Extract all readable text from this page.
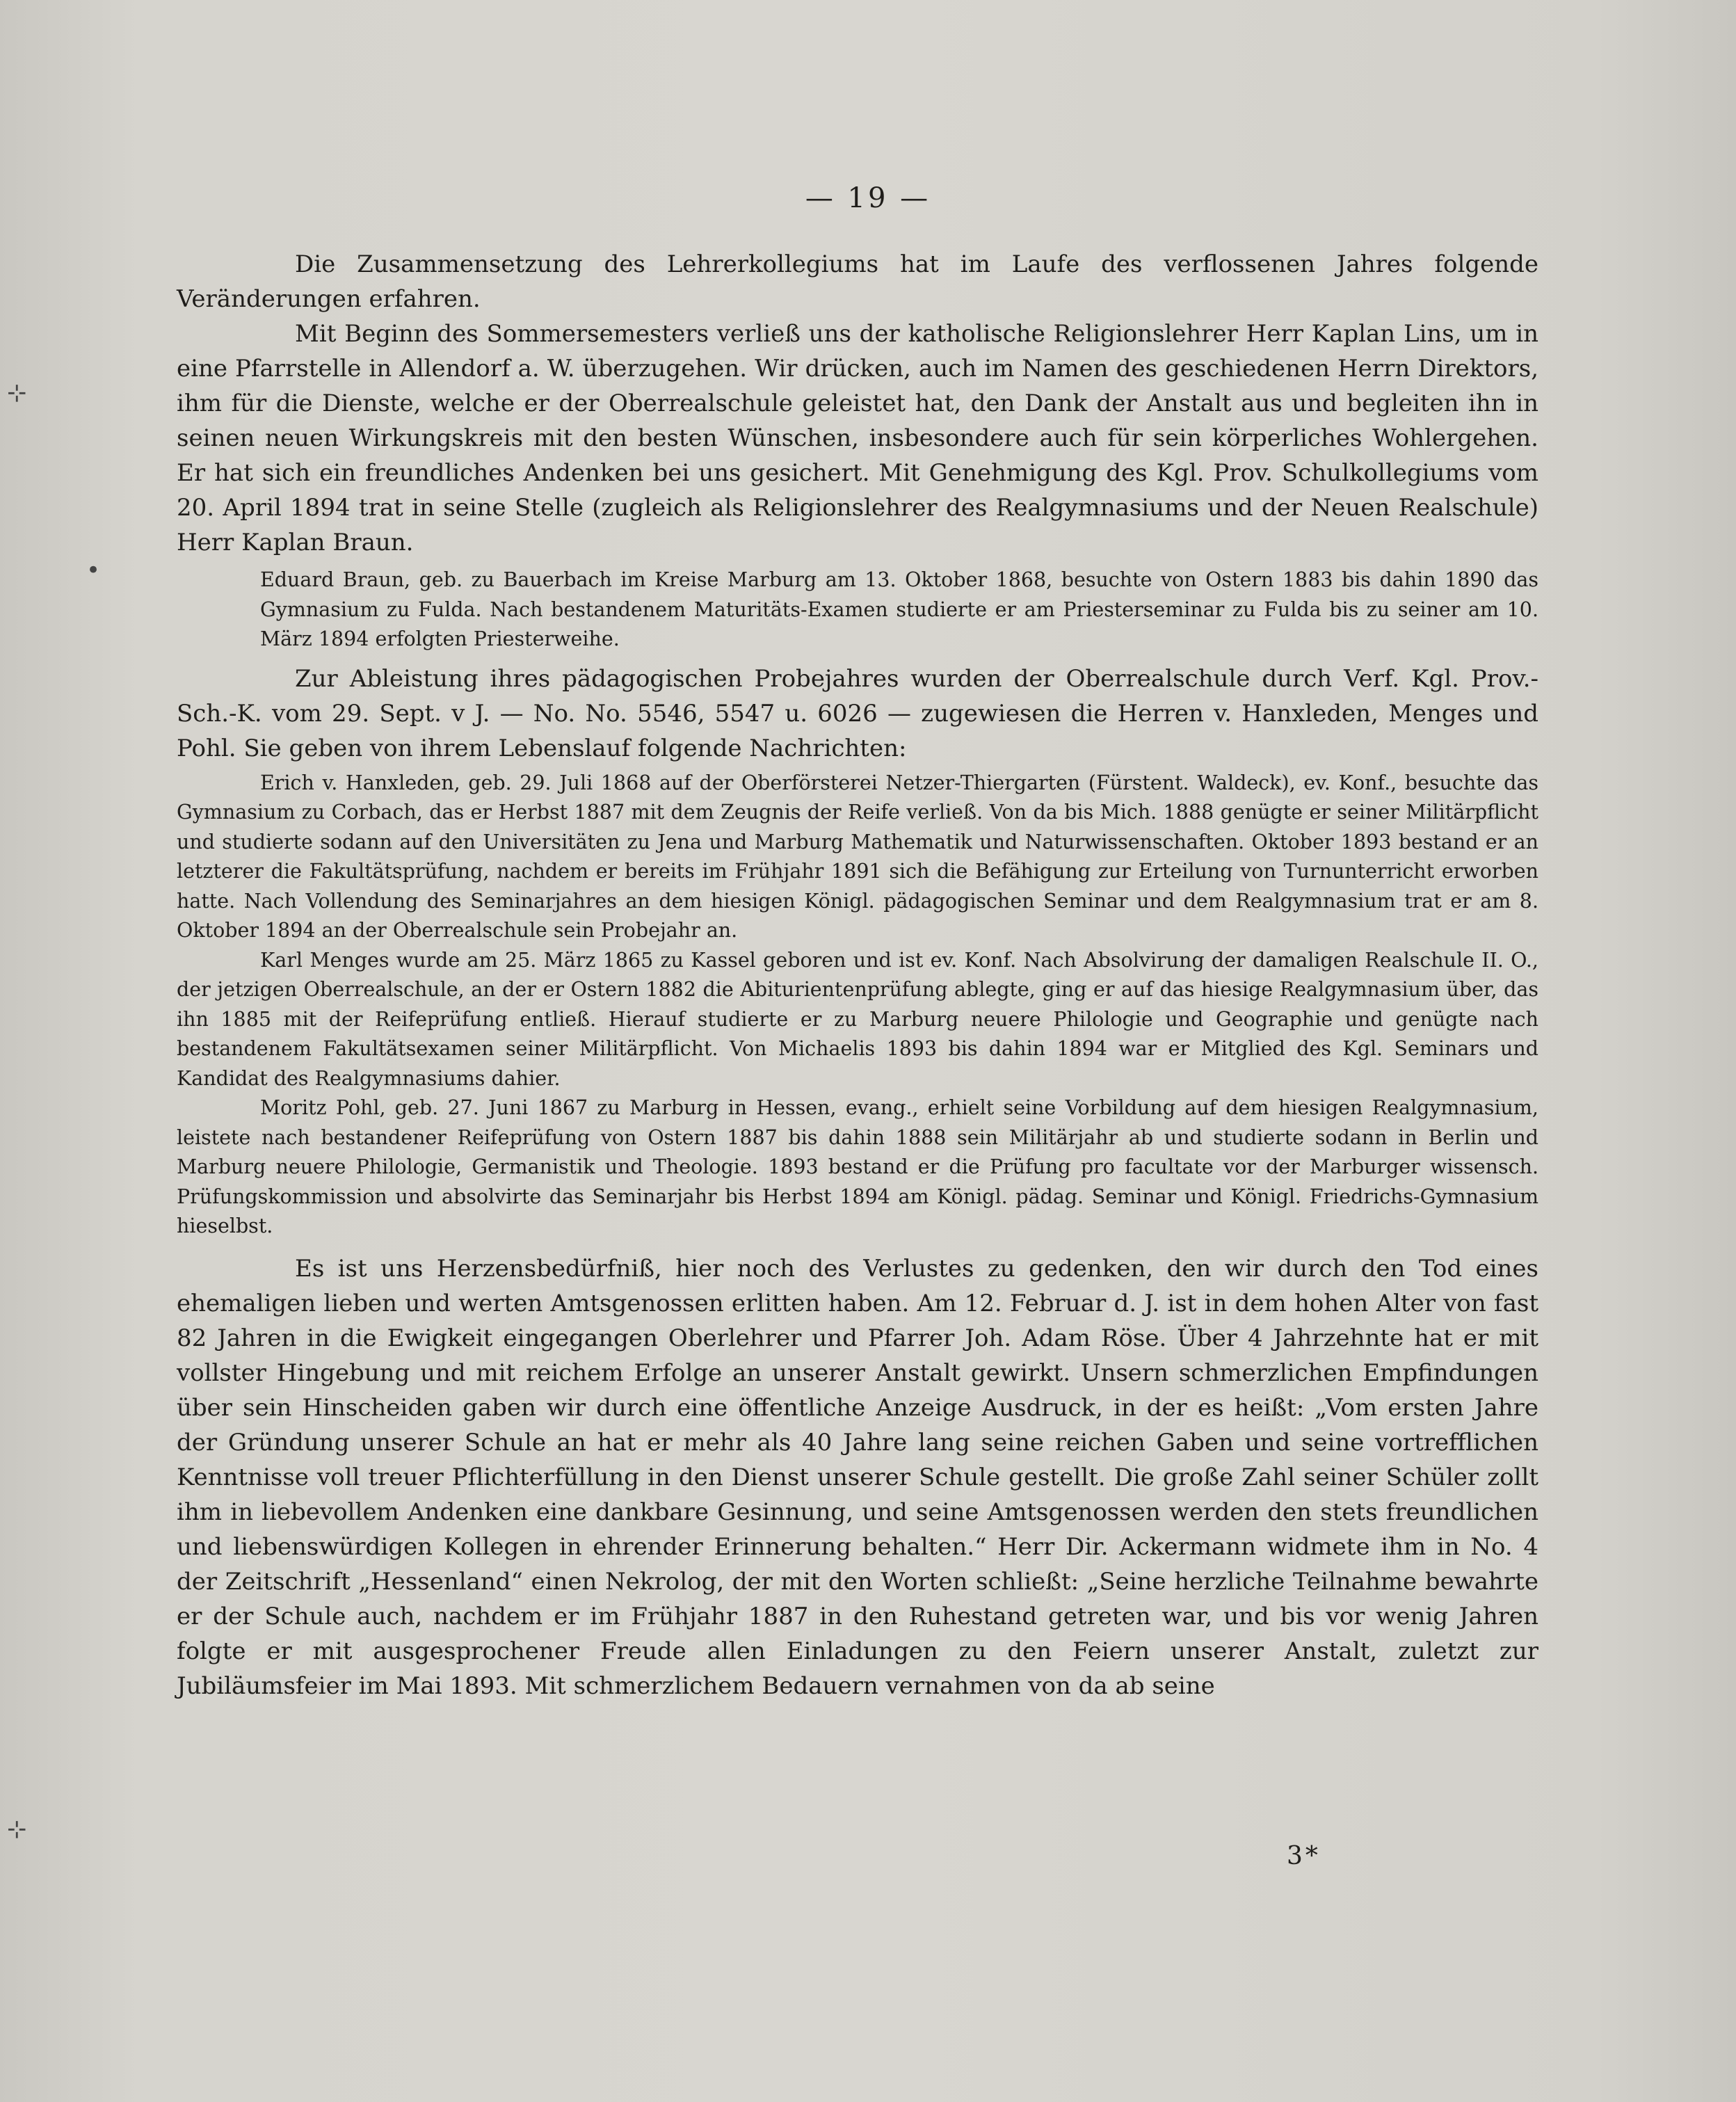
— 19 —
⊹
•
⊹

Die Zusammensetzung des Lehrerkollegiums hat im Laufe des verflossenen Jahres folgende Veränderungen erfahren.

Mit Beginn des Sommersemesters verließ uns der katholische Religionslehrer Herr Kaplan Lins, um in eine Pfarrstelle in Allendorf a. W. überzugehen. Wir drücken, auch im Namen des geschiedenen Herrn Direktors, ihm für die Dienste, welche er der Oberrealschule geleistet hat, den Dank der Anstalt aus und begleiten ihn in seinen neuen Wirkungskreis mit den besten Wünschen, insbesondere auch für sein körperliches Wohlergehen. Er hat sich ein freundliches Andenken bei uns gesichert. Mit Genehmigung des Kgl. Prov. Schulkollegiums vom 20. April 1894 trat in seine Stelle (zugleich als Religionslehrer des Realgymnasiums und der Neuen Realschule) Herr Kaplan Braun.

Eduard Braun, geb. zu Bauerbach im Kreise Marburg am 13. Oktober 1868, besuchte von Ostern 1883 bis dahin 1890 das Gymnasium zu Fulda. Nach bestandenem Maturitäts-Examen studierte er am Priesterseminar zu Fulda bis zu seiner am 10. März 1894 erfolgten Priesterweihe.

Zur Ableistung ihres pädagogischen Probejahres wurden der Oberrealschule durch Verf. Kgl. Prov.-Sch.-K. vom 29. Sept. v J. — No. No. 5546, 5547 u. 6026 — zugewiesen die Herren v. Hanxleden, Menges und Pohl. Sie geben von ihrem Lebenslauf folgende Nachrichten:

Erich v. Hanxleden, geb. 29. Juli 1868 auf der Oberförsterei Netzer-Thiergarten (Fürstent. Waldeck), ev. Konf., besuchte das Gymnasium zu Corbach, das er Herbst 1887 mit dem Zeugnis der Reife verließ. Von da bis Mich. 1888 genügte er seiner Militärpflicht und studierte sodann auf den Universitäten zu Jena und Marburg Mathematik und Naturwissenschaften. Oktober 1893 bestand er an letzterer die Fakultätsprüfung, nachdem er bereits im Frühjahr 1891 sich die Befähigung zur Erteilung von Turnunterricht erworben hatte. Nach Vollendung des Seminarjahres an dem hiesigen Königl. pädagogischen Seminar und dem Realgymnasium trat er am 8. Oktober 1894 an der Oberrealschule sein Probejahr an.

Karl Menges wurde am 25. März 1865 zu Kassel geboren und ist ev. Konf. Nach Absolvirung der damaligen Realschule II. O., der jetzigen Oberrealschule, an der er Ostern 1882 die Abiturientenprüfung ablegte, ging er auf das hiesige Realgymnasium über, das ihn 1885 mit der Reifeprüfung entließ. Hierauf studierte er zu Marburg neuere Philologie und Geographie und genügte nach bestandenem Fakultätsexamen seiner Militärpflicht. Von Michaelis 1893 bis dahin 1894 war er Mitglied des Kgl. Seminars und Kandidat des Realgymnasiums dahier.

Moritz Pohl, geb. 27. Juni 1867 zu Marburg in Hessen, evang., erhielt seine Vorbildung auf dem hiesigen Realgymnasium, leistete nach bestandener Reifeprüfung von Ostern 1887 bis dahin 1888 sein Militärjahr ab und studierte sodann in Berlin und Marburg neuere Philologie, Germanistik und Theologie. 1893 bestand er die Prüfung pro facultate vor der Marburger wissensch. Prüfungskommission und absolvirte das Seminarjahr bis Herbst 1894 am Königl. pädag. Seminar und Königl. Friedrichs-Gymnasium hieselbst.

Es ist uns Herzensbedürfniß, hier noch des Verlustes zu gedenken, den wir durch den Tod eines ehemaligen lieben und werten Amtsgenossen erlitten haben. Am 12. Februar d. J. ist in dem hohen Alter von fast 82 Jahren in die Ewigkeit eingegangen Oberlehrer und Pfarrer Joh. Adam Röse. Über 4 Jahrzehnte hat er mit vollster Hingebung und mit reichem Erfolge an unserer Anstalt gewirkt. Unsern schmerzlichen Empfindungen über sein Hinscheiden gaben wir durch eine öffentliche Anzeige Ausdruck, in der es heißt: „Vom ersten Jahre der Gründung unserer Schule an hat er mehr als 40 Jahre lang seine reichen Gaben und seine vortrefflichen Kenntnisse voll treuer Pflichterfüllung in den Dienst unserer Schule gestellt. Die große Zahl seiner Schüler zollt ihm in liebevollem Andenken eine dankbare Gesinnung, und seine Amtsgenossen werden den stets freundlichen und liebenswürdigen Kollegen in ehrender Erinnerung behalten.“ Herr Dir. Ackermann widmete ihm in No. 4 der Zeitschrift „Hessenland“ einen Nekrolog, der mit den Worten schließt: „Seine herzliche Teilnahme bewahrte er der Schule auch, nachdem er im Frühjahr 1887 in den Ruhestand getreten war, und bis vor wenig Jahren folgte er mit ausgesprochener Freude allen Einladungen zu den Feiern unserer Anstalt, zuletzt zur Jubiläumsfeier im Mai 1893. Mit schmerzlichem Bedauern vernahmen von da ab seine

3*
